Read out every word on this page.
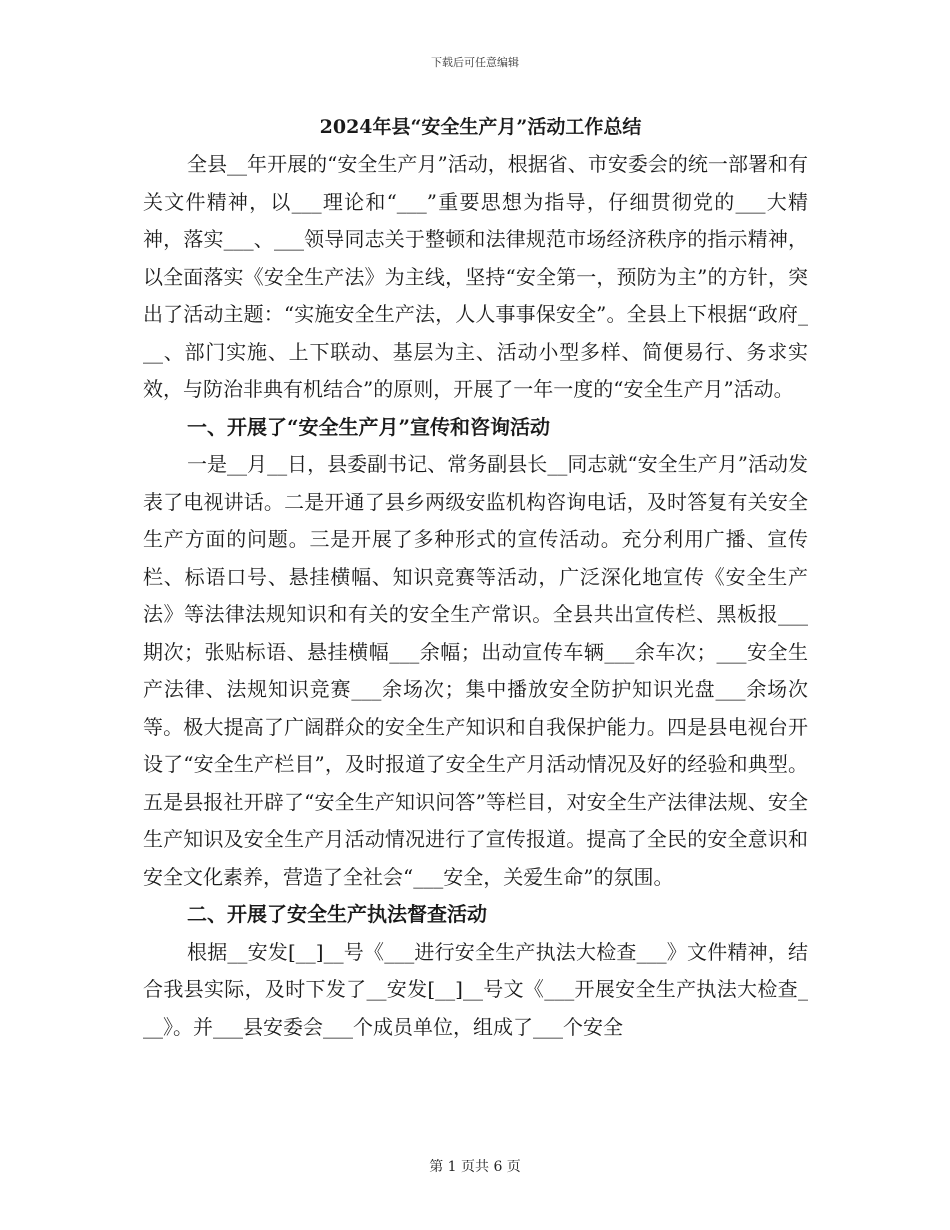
下载后可任意编辑
2024年县“安全生产月”活动工作总结

全县__年开展的“安全生产月”活动，根据省、市安委会的统一部署和有关文件精神，以___理论和“___”重要思想为指导，仔细贯彻党的___大精神，落实___、___领导同志关于整顿和法律规范市场经济秩序的指示精神，以全面落实《安全生产法》为主线，坚持“安全第一，预防为主”的方针，突出了活动主题：“实施安全生产法，人人事事保安全”。全县上下根据“政府___、部门实施、上下联动、基层为主、活动小型多样、简便易行、务求实效，与防治非典有机结合”的原则，开展了一年一度的“安全生产月”活动。

一、开展了“安全生产月”宣传和咨询活动

一是__月__日，县委副书记、常务副县长__同志就“安全生产月”活动发表了电视讲话。二是开通了县乡两级安监机构咨询电话，及时答复有关安全生产方面的问题。三是开展了多种形式的宣传活动。充分利用广播、宣传栏、标语口号、悬挂横幅、知识竞赛等活动，广泛深化地宣传《安全生产法》等法律法规知识和有关的安全生产常识。全县共出宣传栏、黑板报___期次；张贴标语、悬挂横幅___余幅；出动宣传车辆___余车次；___安全生产法律、法规知识竞赛___余场次；集中播放安全防护知识光盘___余场次等。极大提高了广阔群众的安全生产知识和自我保护能力。四是县电视台开设了“安全生产栏目”，及时报道了安全生产月活动情况及好的经验和典型。五是县报社开辟了“安全生产知识问答”等栏目，对安全生产法律法规、安全生产知识及安全生产月活动情况进行了宣传报道。提高了全民的安全意识和安全文化素养，营造了全社会“___安全，关爱生命”的氛围。

二、开展了安全生产执法督查活动

根据__安发[__]__号《___进行安全生产执法大检查___》文件精神，结合我县实际，及时下发了__安发[__]__号文《___开展安全生产执法大检查___》。并___县安委会___个成员单位，组成了___个安全

第 1 页共 6 页
